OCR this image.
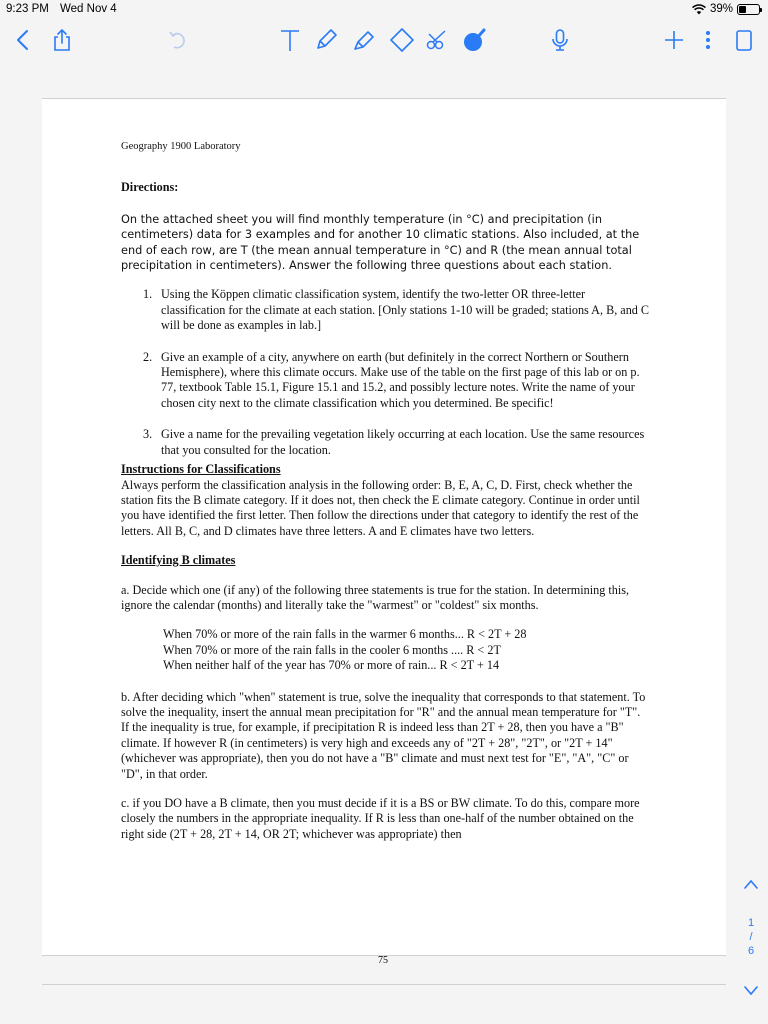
9:23 PM Wed Nov 4	39%
Geography 1900 Laboratory
Directions:
On the attached sheet you will find monthly temperature (in °C) and precipitation (in centimeters) data for 3 examples and for another 10 climatic stations. Also included, at the end of each row, are T (the mean annual temperature in °C) and R (the mean annual total precipitation in centimeters). Answer the following three questions about each station.
1. Using the Köppen climatic classification system, identify the two-letter OR three-letter classification for the climate at each station. [Only stations 1-10 will be graded; stations A, B, and C will be done as examples in lab.]
2. Give an example of a city, anywhere on earth (but definitely in the correct Northern or Southern Hemisphere), where this climate occurs. Make use of the table on the first page of this lab or on p. 77, textbook Table 15.1, Figure 15.1 and 15.2, and possibly lecture notes. Write the name of your chosen city next to the climate classification which you determined. Be specific!
3. Give a name for the prevailing vegetation likely occurring at each location. Use the same resources that you consulted for the location.
Instructions for Classifications
Always perform the classification analysis in the following order: B, E, A, C, D. First, check whether the station fits the B climate category. If it does not, then check the E climate category. Continue in order until you have identified the first letter. Then follow the directions under that category to identify the rest of the letters. All B, C, and D climates have three letters. A and E climates have two letters.
Identifying B climates
a. Decide which one (if any) of the following three statements is true for the station. In determining this, ignore the calendar (months) and literally take the "warmest" or "coldest" six months.
When 70% or more of the rain falls in the warmer 6 months... R < 2T + 28
When 70% or more of the rain falls in the cooler 6 months .... R < 2T
When neither half of the year has 70% or more of rain... R < 2T + 14
b. After deciding which "when" statement is true, solve the inequality that corresponds to that statement. To solve the inequality, insert the annual mean precipitation for "R" and the annual mean temperature for "T". If the inequality is true, for example, if precipitation R is indeed less than 2T + 28, then you have a "B" climate. If however R (in centimeters) is very high and exceeds any of "2T + 28", "2T", or "2T + 14" (whichever was appropriate), then you do not have a "B" climate and must next test for "E", "A", "C" or "D", in that order.
c. if you DO have a B climate, then you must decide if it is a BS or BW climate. To do this, compare more closely the numbers in the appropriate inequality. If R is less than one-half of the number obtained on the right side (2T + 28, 2T + 14, OR 2T; whichever was appropriate) then
75
1
/
6
